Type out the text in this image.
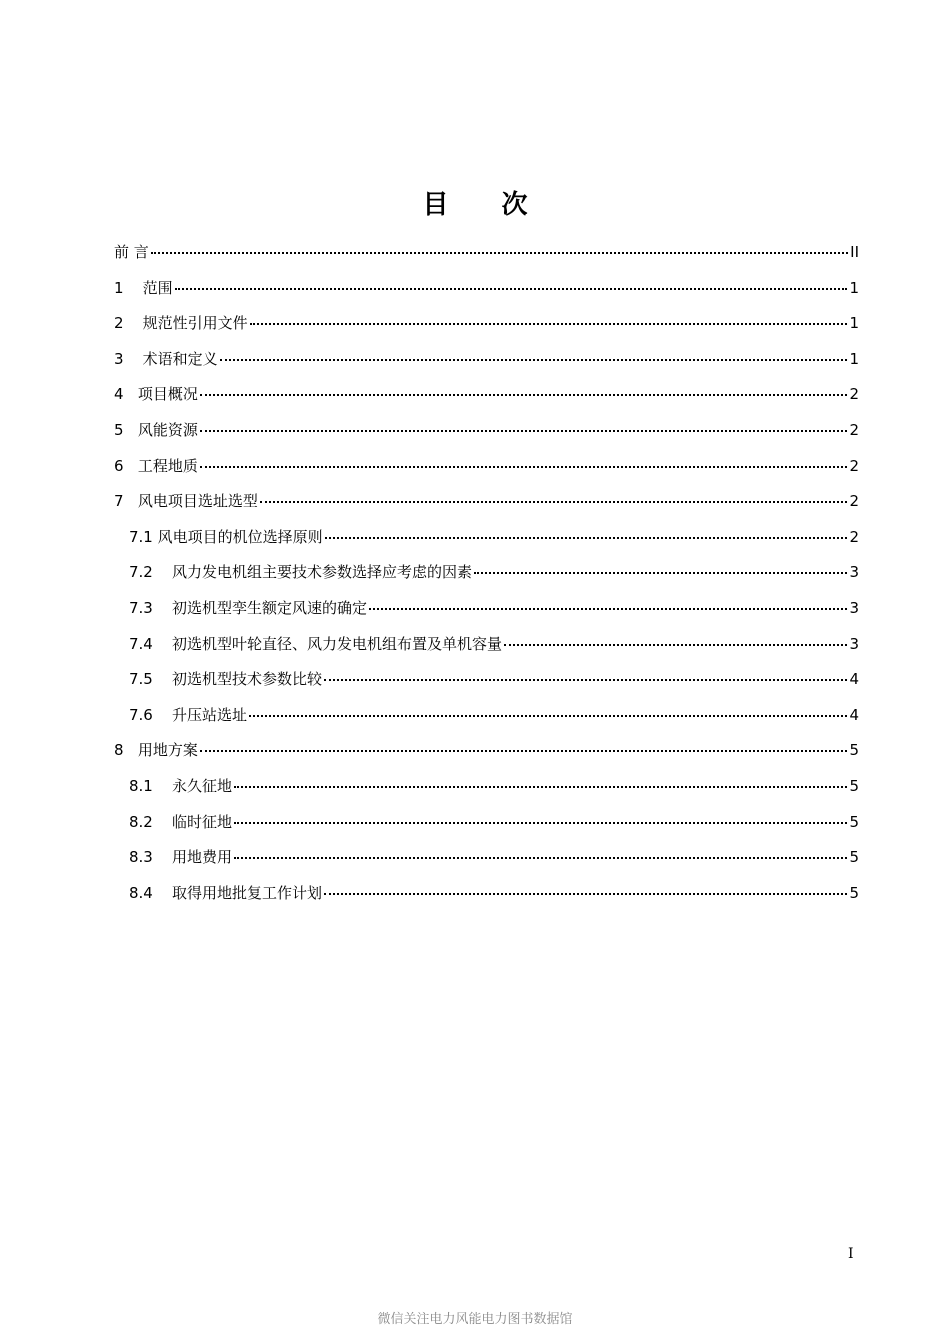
目 次
前 言	II
1 范围	1
2 规范性引用文件	1
3 术语和定义	1
4 项目概况	2
5 风能资源	2
6 工程地质	2
7 风电项目选址选型	2
7.1 风电项目的机位选择原则	2
7.2 风力发电机组主要技术参数选择应考虑的因素	3
7.3 初选机型孪生额定风速的确定	3
7.4 初选机型叶轮直径、风力发电机组布置及单机容量	3
7.5 初选机型技术参数比较	4
7.6 升压站选址	4
8 用地方案	5
8.1 永久征地	5
8.2 临时征地	5
8.3 用地费用	5
8.4 取得用地批复工作计划	5
I
微信关注电力风能电力图书数据馆
